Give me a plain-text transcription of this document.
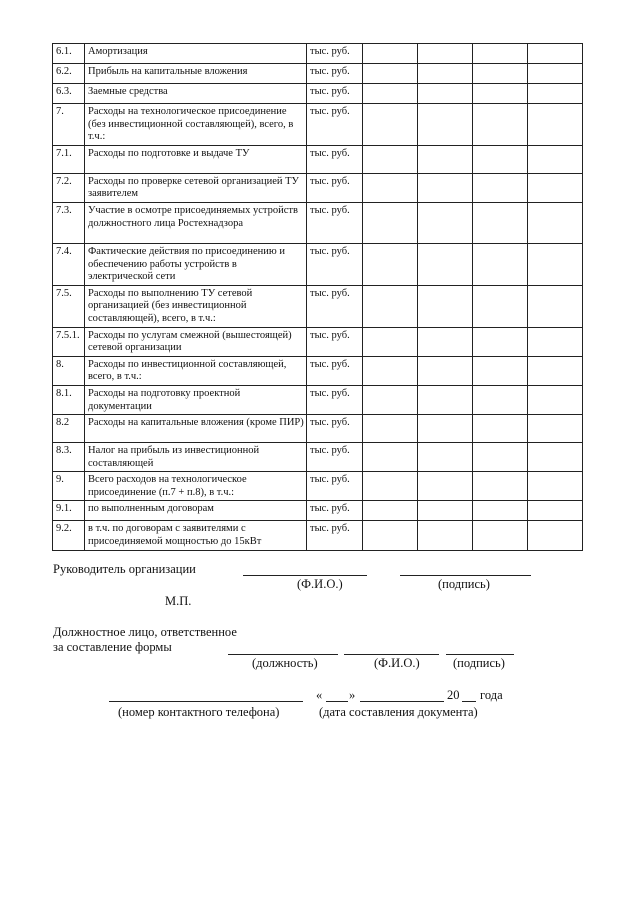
6.1.	Амортизация	тыс. руб.				
6.2.	Прибыль на капитальные вложения	тыс. руб.				
6.3.	Заемные средства	тыс. руб.				
7.	Расходы на технологическое присоединение (без инвестиционной составляющей), всего, в т.ч.:	тыс. руб.				
7.1.	Расходы по подготовке и выдаче ТУ	тыс. руб.				
7.2.	Расходы по проверке сетевой организацией ТУ заявителем	тыс. руб.				
7.3.	Участие в осмотре присоединяемых устройств должностного лица Ростехнадзора	тыс. руб.				
7.4.	Фактические действия по присоединению и обеспечению работы устройств в электрической сети	тыс. руб.				
7.5.	Расходы по выполнению ТУ сетевой организацией (без инвестиционной составляющей), всего, в т.ч.:	тыс. руб.				
7.5.1.	Расходы по услугам смежной (вышестоящей) сетевой организации	тыс. руб.				
8.	Расходы по инвестиционной составляющей, всего, в т.ч.:	тыс. руб.				
8.1.	Расходы на подготовку проектной документации	тыс. руб.				
8.2	Расходы на капитальные вложения (кроме ПИР)	тыс. руб.				
8.3.	Налог на прибыль из инвестиционной составляющей	тыс. руб.				
9.	Всего расходов на технологическое присоединение (п.7 + п.8), в т.ч.:	тыс. руб.				
9.1.	по выполненным договорам	тыс. руб.				
9.2.	в т.ч. по договорам с заявителями с присоединяемой мощностью до 15кВт	тыс. руб.				
Руководитель организации
(Ф.И.О.)	(подпись)
М.П.
Должностное лицо, ответственное
за составление формы
(должность)	(Ф.И.О.)	(подпись)
« »	20 года
(номер контактного телефона)	(дата составления документа)
